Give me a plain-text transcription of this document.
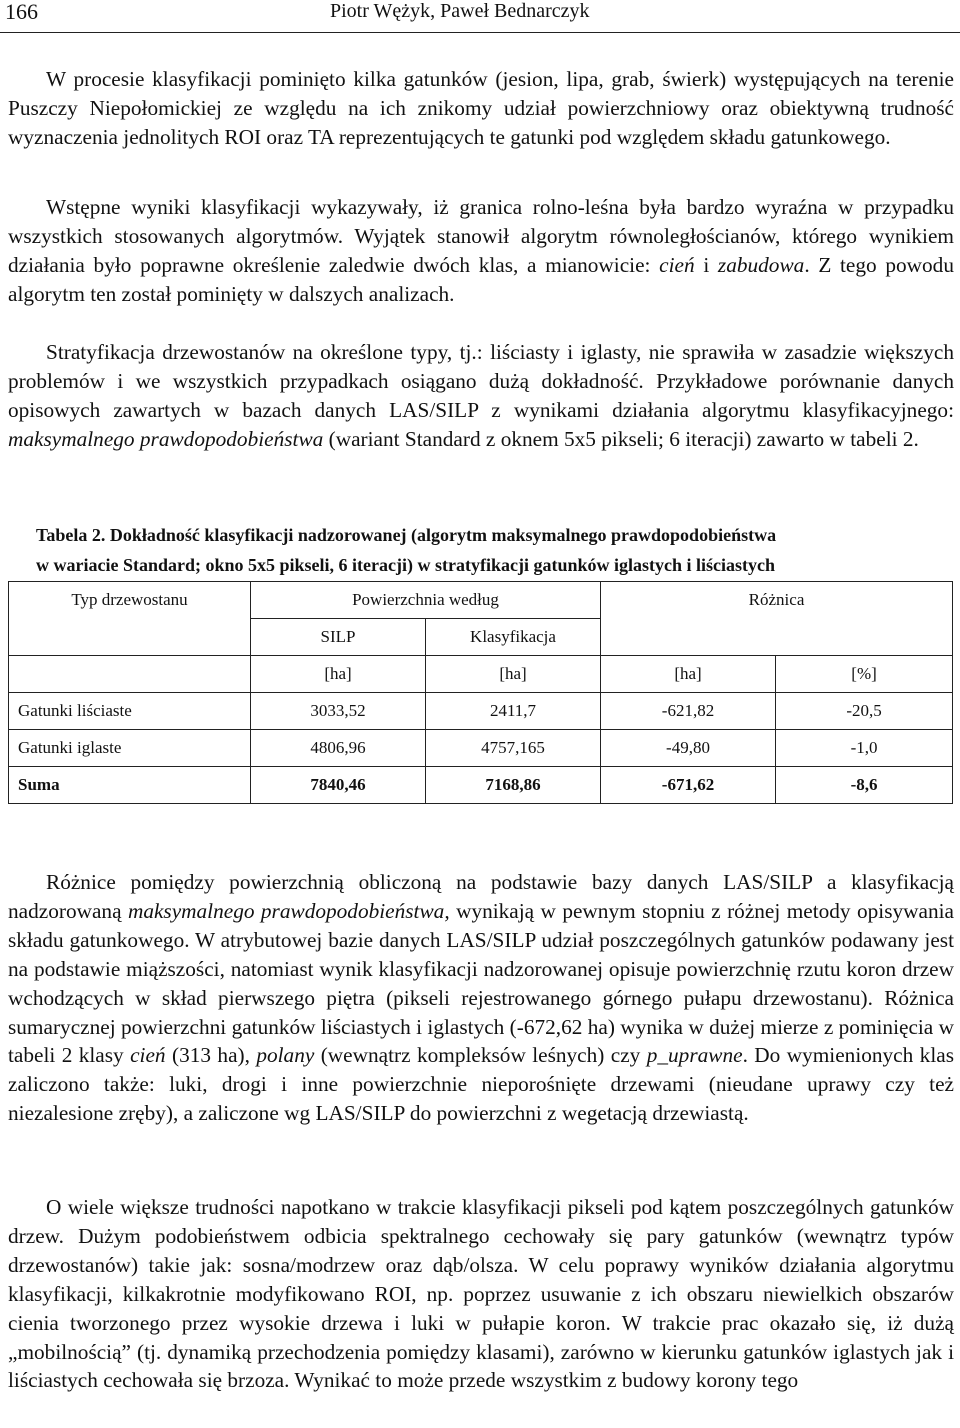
166	Piotr Wężyk, Paweł Bednarczyk

W procesie klasyfikacji pominięto kilka gatunków (jesion, lipa, grab, świerk) występujących na terenie Puszczy Niepołomickiej ze względu na ich znikomy udział powierzchniowy oraz obiektywną trudność wyznaczenia jednolitych ROI oraz TA reprezentujących te gatunki pod względem składu gatunkowego.

Wstępne wyniki klasyfikacji wykazywały, iż granica rolno-leśna była bardzo wyraźna w przypadku wszystkich stosowanych algorytmów. Wyjątek stanowił algorytm równoległościanów, którego wynikiem działania było poprawne określenie zaledwie dwóch klas, a mianowicie: cień i zabudowa. Z tego powodu algorytm ten został pominięty w dalszych analizach.

Stratyfikacja drzewostanów na określone typy, tj.: liściasty i iglasty, nie sprawiła w zasadzie większych problemów i we wszystkich przypadkach osiągano dużą dokładność. Przykładowe porównanie danych opisowych zawartych w bazach danych LAS/SILP z wynikami działania algorytmu klasyfikacyjnego: maksymalnego prawdopodobieństwa (wariant Standard z oknem 5x5 pikseli; 6 iteracji) zawarto w tabeli 2.

Tabela 2. Dokładność klasyfikacji nadzorowanej (algorytm maksymalnego prawdopodobieństwa
w wariacie Standard; okno 5x5 pikseli, 6 iteracji) w stratyfikacji gatunków iglastych i liściastych
Typ drzewostanu	Powierzchnia według		Różnica	
	SILP	Klasyfikacja		
	[ha]	[ha]	[ha]	[%]
Gatunki liściaste	3033,52	2411,7	-621,82	-20,5
Gatunki iglaste	4806,96	4757,165	-49,80	-1,0
Suma	7840,46	7168,86	-671,62	-8,6

Różnice pomiędzy powierzchnią obliczoną na podstawie bazy danych LAS/SILP a klasyfikacją nadzorowaną maksymalnego prawdopodobieństwa, wynikają w pewnym stopniu z różnej metody opisywania składu gatunkowego. W atrybutowej bazie danych LAS/SILP udział poszczególnych gatunków podawany jest na podstawie miąższości, natomiast wynik klasyfikacji nadzorowanej opisuje powierzchnię rzutu koron drzew wchodzących w skład pierwszego piętra (pikseli rejestrowanego górnego pułapu drzewostanu). Różnica sumarycznej powierzchni gatunków liściastych i iglastych (-672,62 ha) wynika w dużej mierze z pominięcia w tabeli 2 klasy cień (313 ha), polany (wewnątrz kompleksów leśnych) czy p_uprawne. Do wymienionych klas zaliczono także: luki, drogi i inne powierzchnie nieporośnięte drzewami (nieudane uprawy czy też niezalesione zręby), a zaliczone wg LAS/SILP do powierzchni z wegetacją drzewiastą.

O wiele większe trudności napotkano w trakcie klasyfikacji pikseli pod kątem poszczególnych gatunków drzew. Dużym podobieństwem odbicia spektralnego cechowały się pary gatunków (wewnątrz typów drzewostanów) takie jak: sosna/modrzew oraz dąb/olsza. W celu poprawy wyników działania algorytmu klasyfikacji, kilkakrotnie modyfikowano ROI, np. poprzez usuwanie z ich obszaru niewielkich obszarów cienia tworzonego przez wysokie drzewa i luki w pułapie koron. W trakcie prac okazało się, iż dużą „mobilnością” (tj. dynamiką przechodzenia pomiędzy klasami), zarówno w kierunku gatunków iglastych jak i liściastych cechowała się brzoza. Wynikać to może przede wszystkim z budowy korony tego
